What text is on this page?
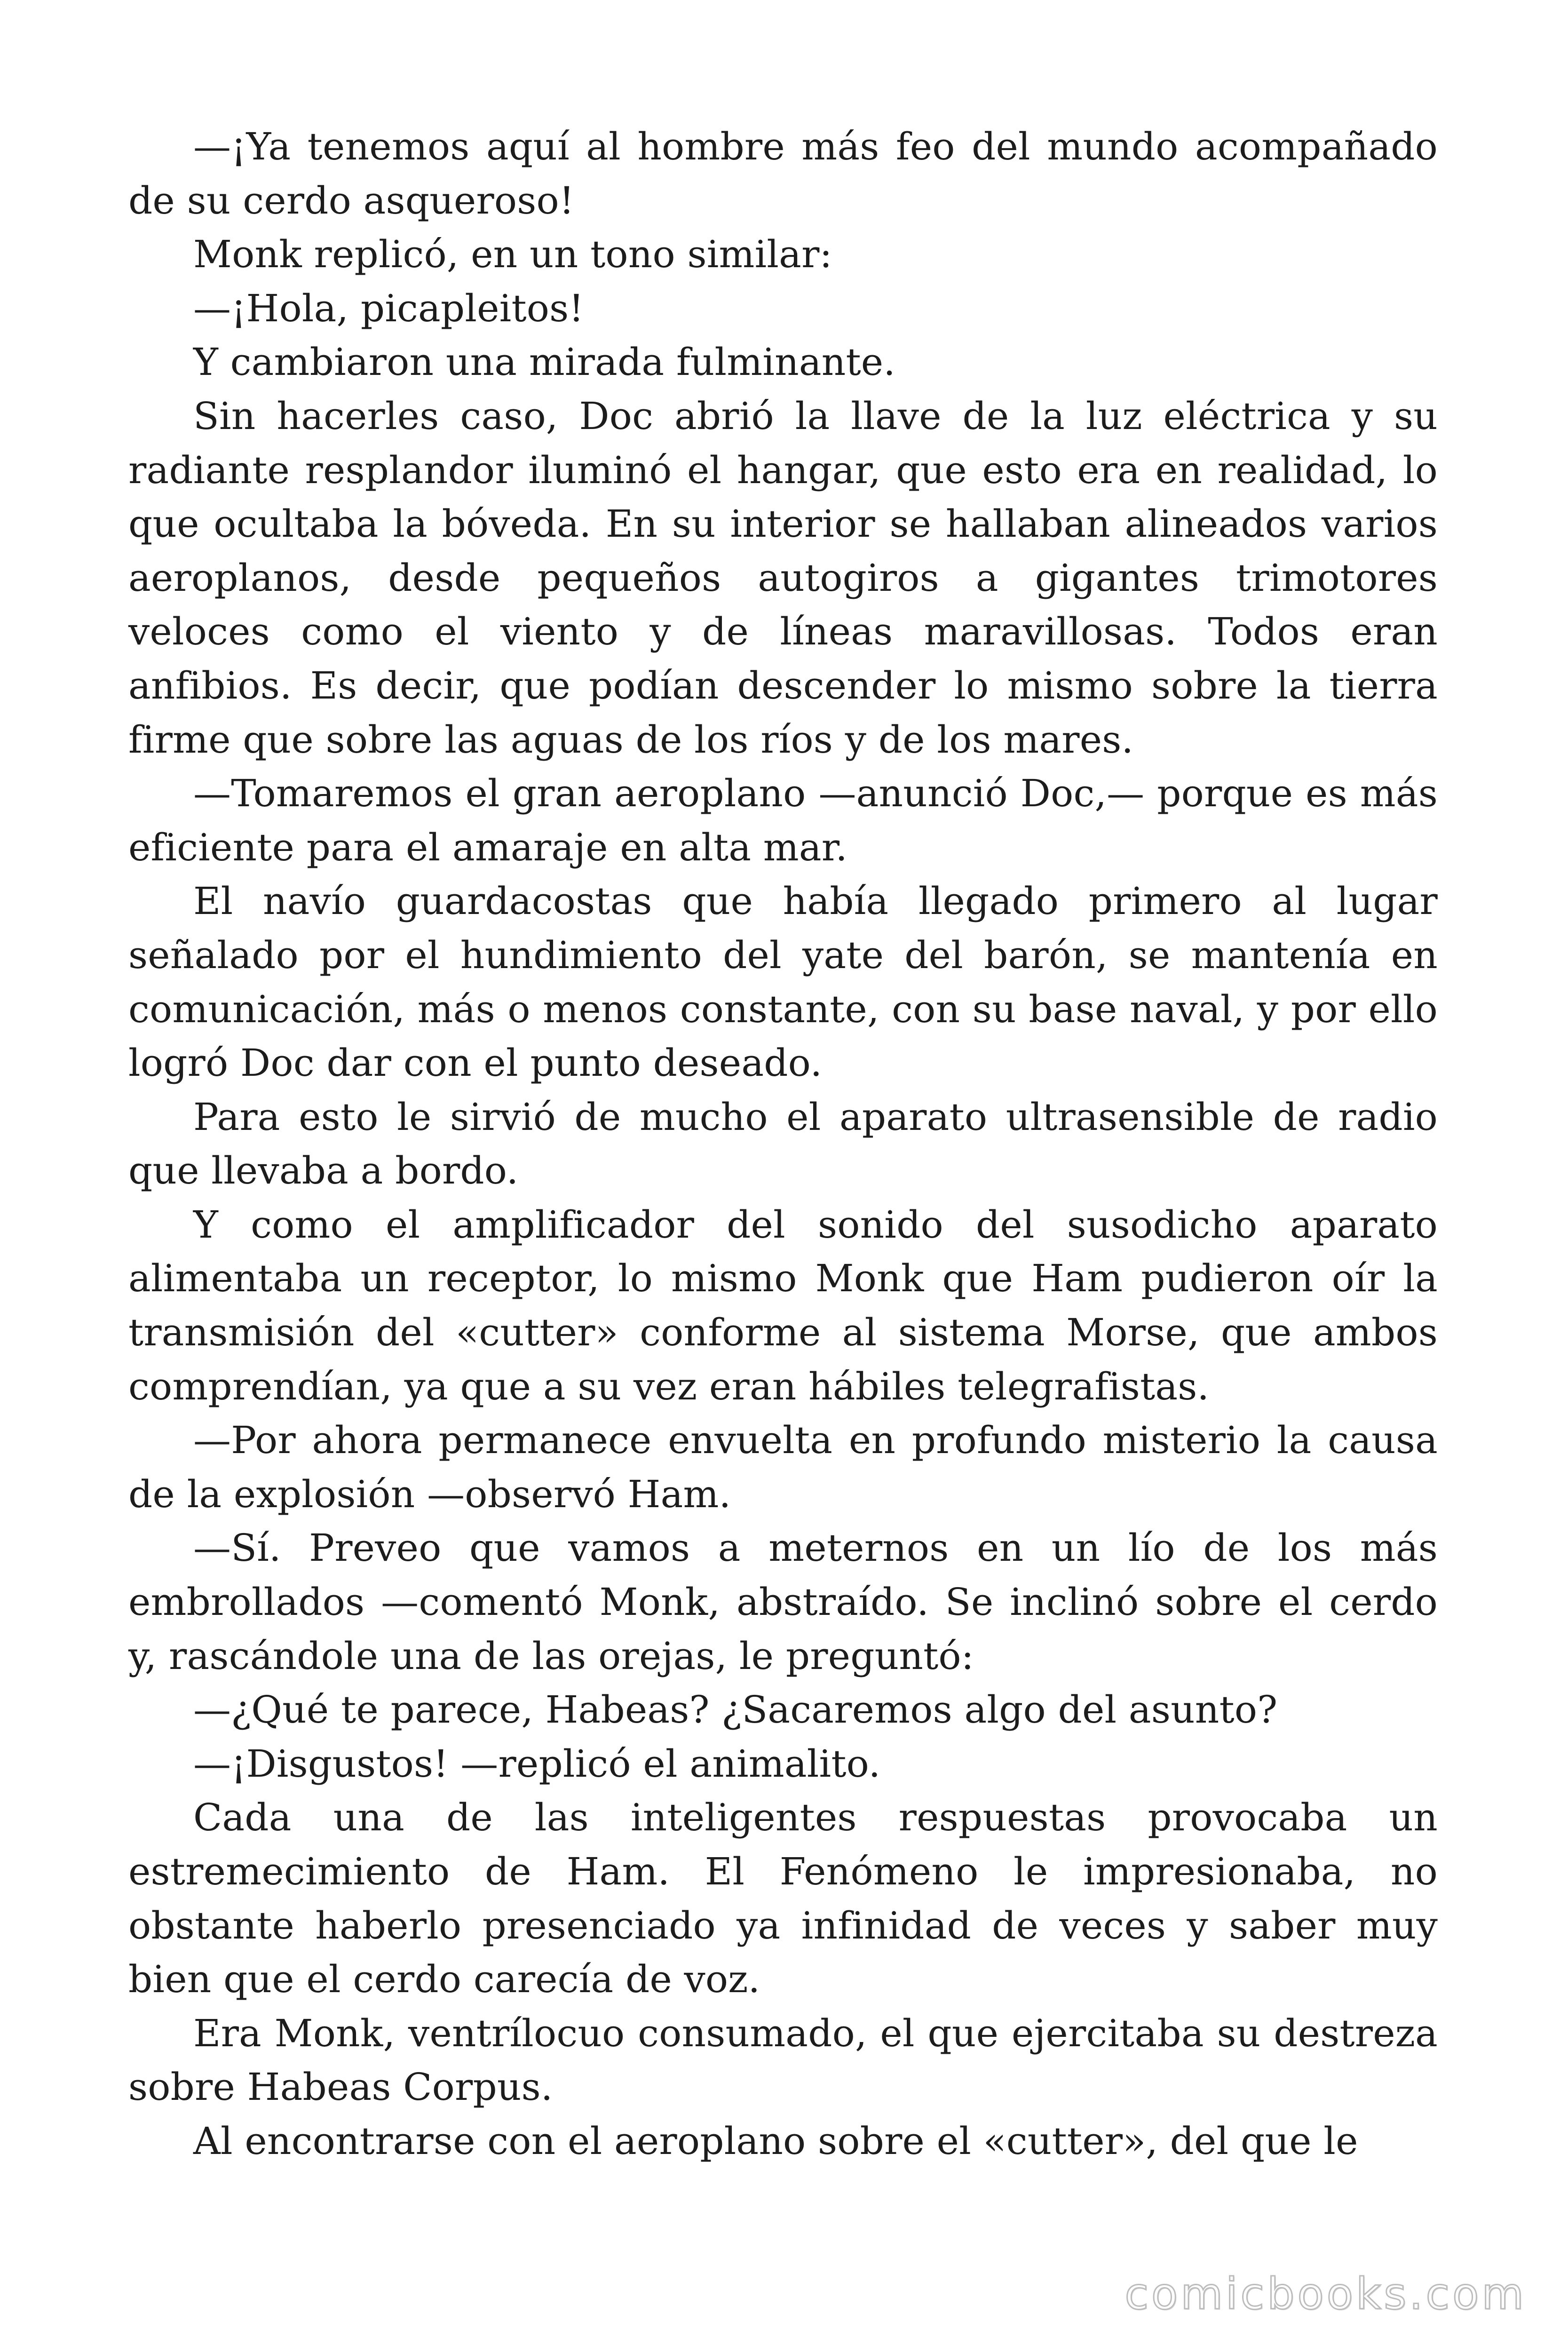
—¡Ya tenemos aquí al hombre más feo del mundo acompañado de su cerdo asqueroso!

Monk replicó, en un tono similar:

—¡Hola, picapleitos!

Y cambiaron una mirada fulminante.

Sin hacerles caso, Doc abrió la llave de la luz eléctrica y su radiante resplandor iluminó el hangar, que esto era en realidad, lo que ocultaba la bóveda. En su interior se hallaban alineados varios aeroplanos, desde pequeños autogiros a gigantes trimotores veloces como el viento y de líneas maravillosas. Todos eran anfibios. Es decir, que podían descender lo mismo sobre la tierra firme que sobre las aguas de los ríos y de los mares.

—Tomaremos el gran aeroplano —anunció Doc,— porque es más eficiente para el amaraje en alta mar.

El navío guardacostas que había llegado primero al lugar señalado por el hundimiento del yate del barón, se mantenía en comunicación, más o menos constante, con su base naval, y por ello logró Doc dar con el punto deseado.

Para esto le sirvió de mucho el aparato ultrasensible de radio que llevaba a bordo.

Y como el amplificador del sonido del susodicho aparato alimentaba un receptor, lo mismo Monk que Ham pudieron oír la transmisión del «cutter» conforme al sistema Morse, que ambos comprendían, ya que a su vez eran hábiles telegrafistas.

—Por ahora permanece envuelta en profundo misterio la causa de la explosión —observó Ham.

—Sí. Preveo que vamos a meternos en un lío de los más embrollados —comentó Monk, abstraído. Se inclinó sobre el cerdo y, rascándole una de las orejas, le preguntó:

—¿Qué te parece, Habeas? ¿Sacaremos algo del asunto?

—¡Disgustos! —replicó el animalito.

Cada una de las inteligentes respuestas provocaba un estremecimiento de Ham. El Fenómeno le impresionaba, no obstante haberlo presenciado ya infinidad de veces y saber muy bien que el cerdo carecía de voz.

Era Monk, ventrílocuo consumado, el que ejercitaba su destreza sobre Habeas Corpus.

Al encontrarse con el aeroplano sobre el «cutter», del que le

comicbooks.com
